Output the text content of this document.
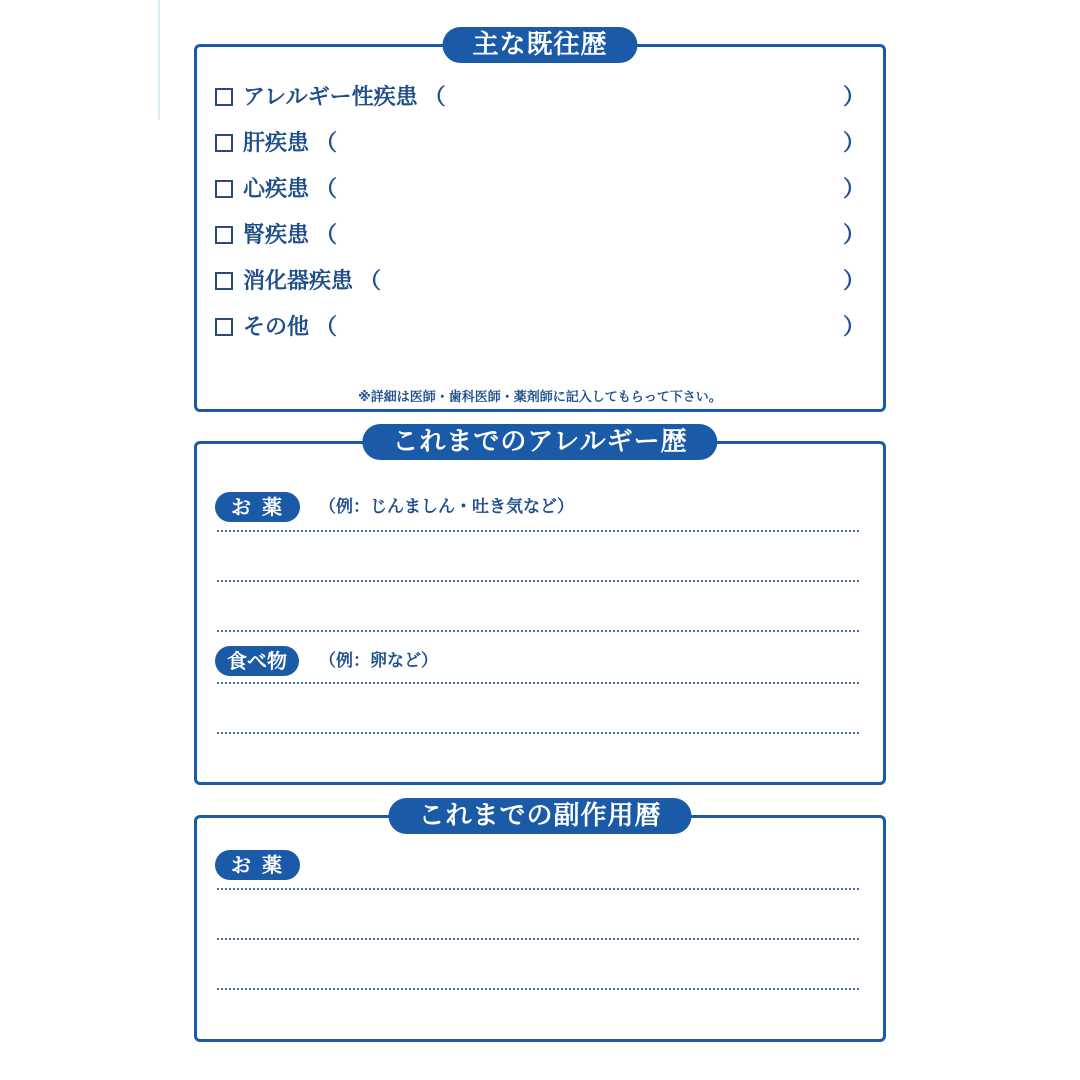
主な既往歴
アレルギー性疾患 （	）
肝疾患 （	）
心疾患 （	）
腎疾患 （	）
消化器疾患 （	）
その他 （	）
※詳細は医師・歯科医師・薬剤師に記入してもらって下さい。
これまでのアレルギー歴
お 薬	（例：じんましん・吐き気など）
食べ物	（例：卵など）
これまでの副作用暦
お 薬
